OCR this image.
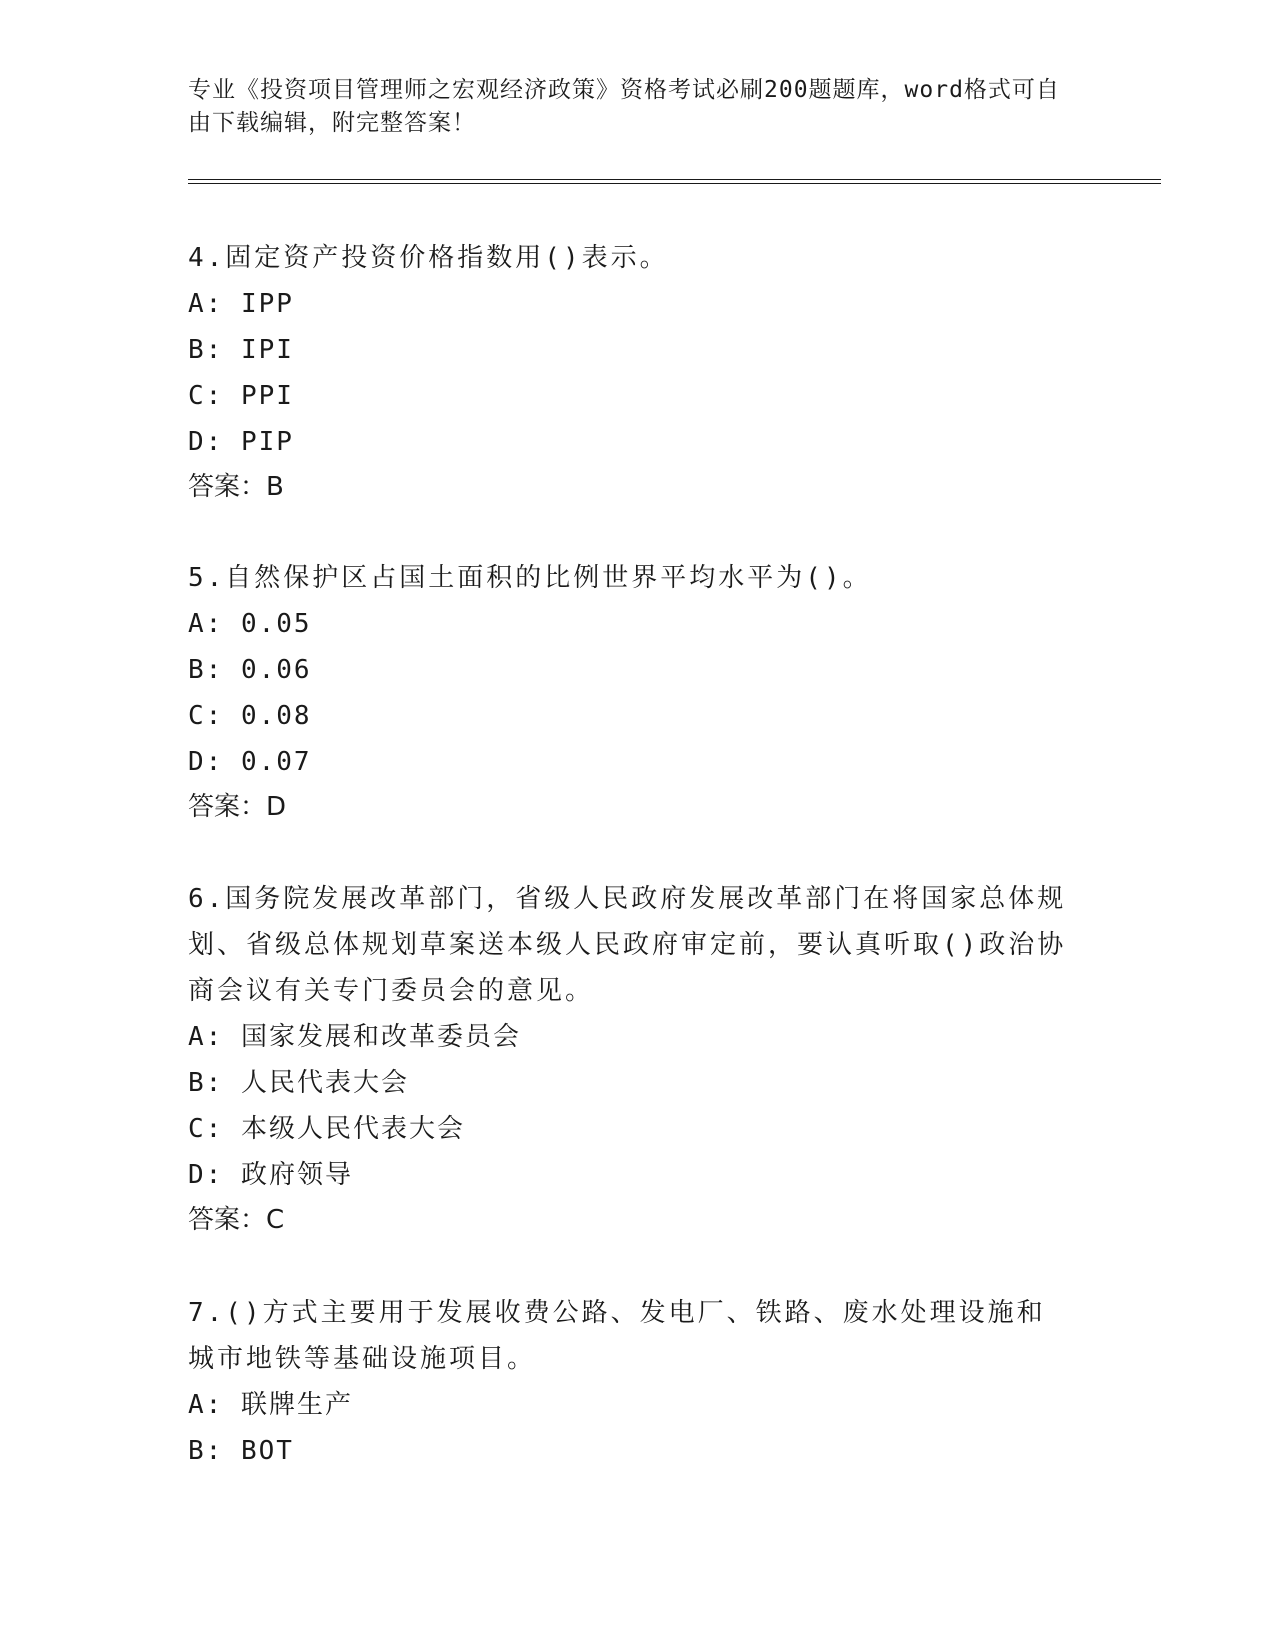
专业《投资项目管理师之宏观经济政策》资格考试必刷200题题库，word格式可自由下载编辑，附完整答案！

4.固定资产投资价格指数用()表示。

A: IPP

B: IPI

C: PPI

D: PIP

答案：B

5.自然保护区占国土面积的比例世界平均水平为()。

A: 0.05

B: 0.06

C: 0.08

D: 0.07

答案：D

6.国务院发展改革部门，省级人民政府发展改革部门在将国家总体规划、省级总体规划草案送本级人民政府审定前，要认真听取()政治协商会议有关专门委员会的意见。

A: 国家发展和改革委员会

B: 人民代表大会

C: 本级人民代表大会

D: 政府领导

答案：C

7.()方式主要用于发展收费公路、发电厂、铁路、废水处理设施和城市地铁等基础设施项目。

A: 联牌生产

B: BOT
